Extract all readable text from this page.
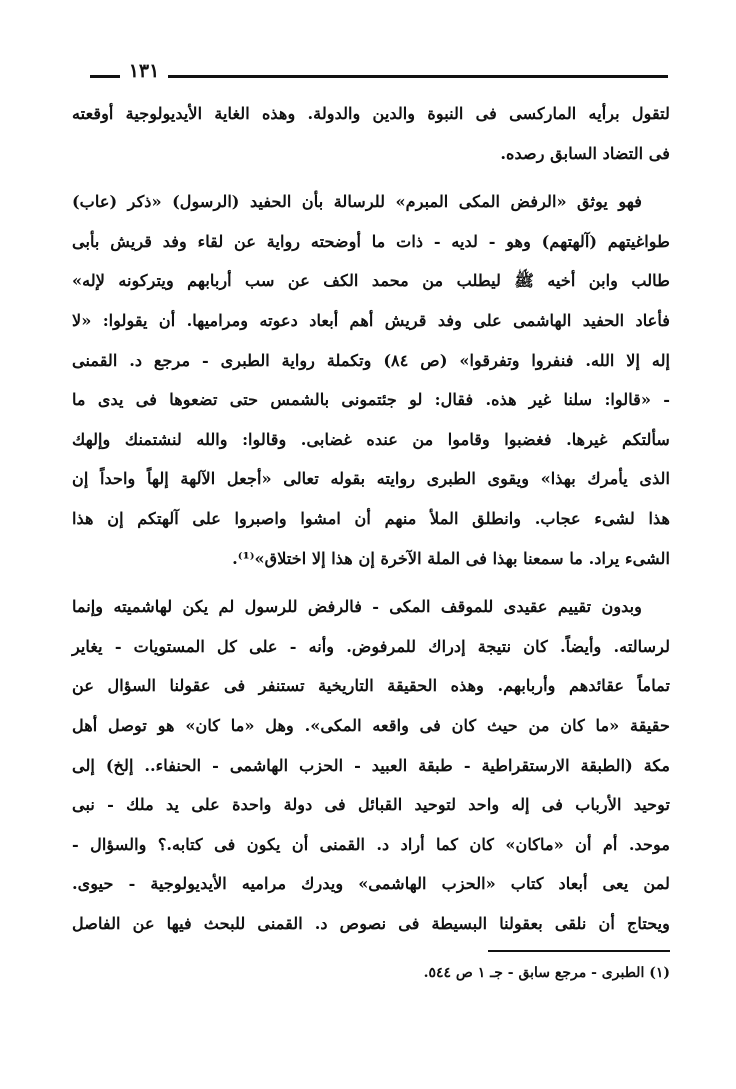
١٣١
لتقول برأيه الماركسى فى النبوة والدين والدولة. وهذه الغاية الأيديولوجية أوقعته
فى التضاد السابق رصده.
فهو يوثق «الرفض المكى المبرم» للرسالة بأن الحفيد (الرسول) «ذكر (عاب)
طواغيتهم (آلهتهم) وهو - لديه - ذات ما أوضحته رواية عن لقاء وفد قريش بأبى
طالب وابن أخيه ﷺ ليطلب من محمد الكف عن سب أربابهم ويتركونه لإله»
فأعاد الحفيد الهاشمى على وفد قريش أهم أبعاد دعوته ومراميها. أن يقولوا: «لا
إله إلا الله. فنفروا وتفرقوا» (ص ٨٤) وتكملة رواية الطبرى - مرجع د. القمنى
- «قالوا: سلنا غير هذه. فقال: لو جئتمونى بالشمس حتى تضعوها فى يدى ما
سألتكم غيرها. فغضبوا وقاموا من عنده غضابى. وقالوا: والله لنشتمنك وإلهك
الذى يأمرك بهذا» ويقوى الطبرى روايته بقوله تعالى «أجعل الآلهة إلهاً واحداً إن
هذا لشىء عجاب. وانطلق الملأ منهم أن امشوا واصبروا على آلهتكم إن هذا
الشىء يراد. ما سمعنا بهذا فى الملة الآخرة إن هذا إلا اختلاق»⁽¹⁾.
وبدون تقييم عقيدى للموقف المكى - فالرفض للرسول لم يكن لهاشميته وإنما
لرسالته. وأيضاً. كان نتيجة إدراك للمرفوض. وأنه - على كل المستويات - يغاير
تماماً عقائدهم وأربابهم. وهذه الحقيقة التاريخية تستنفر فى عقولنا السؤال عن
حقيقة «ما كان من حيث كان فى واقعه المكى». وهل «ما كان» هو توصل أهل
مكة (الطبقة الارستقراطية - طبقة العبيد - الحزب الهاشمى - الحنفاء.. إلخ) إلى
توحيد الأرباب فى إله واحد لتوحيد القبائل فى دولة واحدة على يد ملك - نبى
موحد. أم أن «ماكان» كان كما أراد د. القمنى أن يكون فى كتابه.؟ والسؤال -
لمن يعى أبعاد كتاب «الحزب الهاشمى» ويدرك مراميه الأيديولوجية - حيوى.
ويحتاج أن نلقى بعقولنا البسيطة فى نصوص د. القمنى للبحث فيها عن الفاصل
(١) الطبرى - مرجع سابق - جـ ١ ص ٥٤٤.
